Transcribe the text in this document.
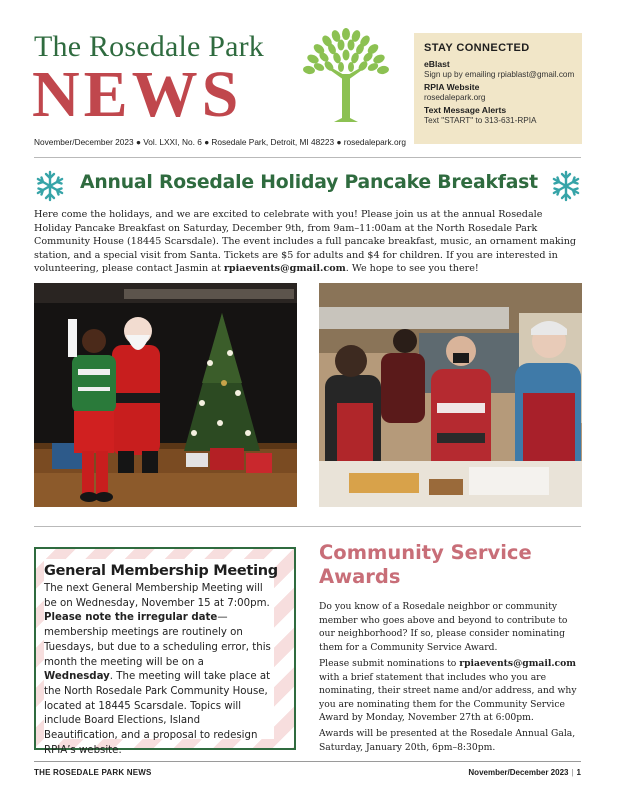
The Rosedale Park
NEWS
November/December 2023 ● Vol. LXXI, No. 6 ● Rosedale Park, Detroit, MI 48223 ● rosedalepark.org
STAY CONNECTED
eBlast
Sign up by emailing rpiablast@gmail.com
RPIA Website
rosedalepark.org
Text Message Alerts
Text "START" to 313-631-RPIA
Annual Rosedale Holiday Pancake Breakfast

Here come the holidays, and we are excited to celebrate with you! Please join us at the annual Rosedale Holiday Pancake Breakfast on Saturday, December 9th, from 9am–11:00am at the North Rosedale Park Community House (18445 Scarsdale). The event includes a full pancake breakfast, music, an ornament making station, and a special visit from Santa. Tickets are $5 for adults and $4 for children. If you are interested in volunteering, please contact Jasmin at rpiaevents@gmail.com. We hope to see you there!

General Membership Meeting

The next General Membership Meeting will be on Wednesday, November 15 at 7:00pm. Please note the irregular date—membership meetings are routinely on Tuesdays, but due to a scheduling error, this month the meeting will be on a Wednesday. The meeting will take place at the North Rosedale Park Community House, located at 18445 Scarsdale. Topics will include Board Elections, Island Beautification, and a proposal to redesign RPIA’s website.

Community Service Awards

Do you know of a Rosedale neighbor or community member who goes above and beyond to contribute to our neighborhood? If so, please consider nominating them for a Community Service Award.

Please submit nominations to rpiaevents@gmail.com with a brief statement that includes who you are nominating, their street name and/or address, and why you are nominating them for the Community Service Award by Monday, November 27th at 6:00pm.

Awards will be presented at the Rosedale Annual Gala, Saturday, January 20th, 6pm–8:30pm.

THE ROSEDALE PARK NEWS	November/December 2023 | 1
